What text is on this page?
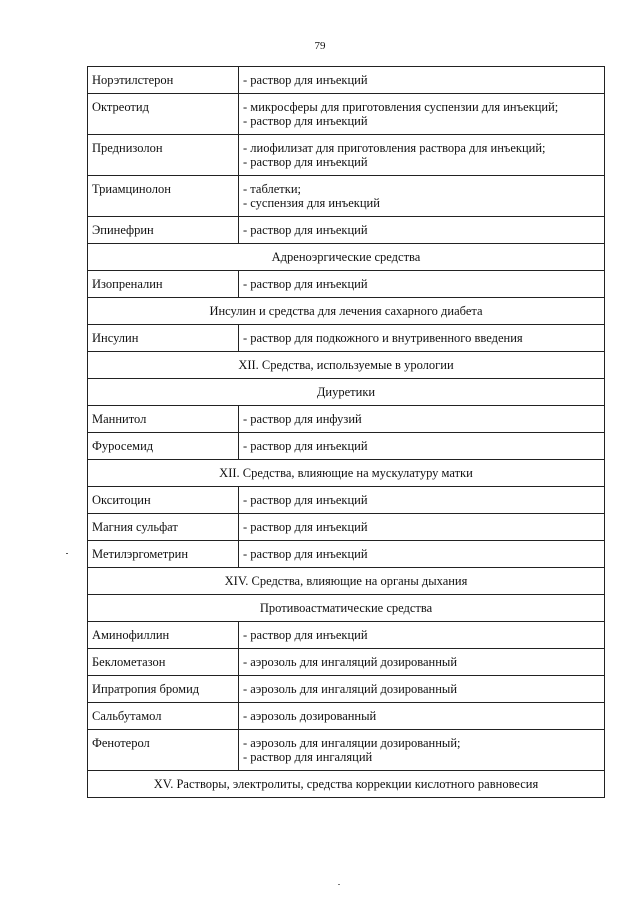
79
Норэтилстерон	- раствор для инъекций

Октреотид	- микросферы для приготовления суспензии для инъекций;
- раствор для инъекций

Преднизолон	- лиофилизат для приготовления раствора для инъекций;
- раствор для инъекций

Триамцинолон	- таблетки;
- суспензия для инъекций

Эпинефрин	- раствор для инъекций

Адреноэргические средства	
Изопреналин	- раствор для инъекций

Инсулин и средства для лечения сахарного диабета	
Инсулин	- раствор для подкожного и внутривенного введения

XII. Средства, используемые в урологии	
Диуретики	
Маннитол	- раствор для инфузий

Фуросемид	- раствор для инъекций

XII. Средства, влияющие на мускулатуру матки	
Окситоцин	- раствор для инъекций

Магния сульфат	- раствор для инъекций

Метилэргометрин	- раствор для инъекций

XIV. Средства, влияющие на органы дыхания	
Противоастматические средства	
Аминофиллин	- раствор для инъекций

Беклометазон	- аэрозоль для ингаляций дозированный

Ипратропия бромид	- аэрозоль для ингаляций дозированный

Сальбутамол	- аэрозоль дозированный

Фенотерол	- аэрозоль для ингаляции дозированный;
- раствор для ингаляций

XV. Растворы, электролиты, средства коррекции кислотного равновесия	
